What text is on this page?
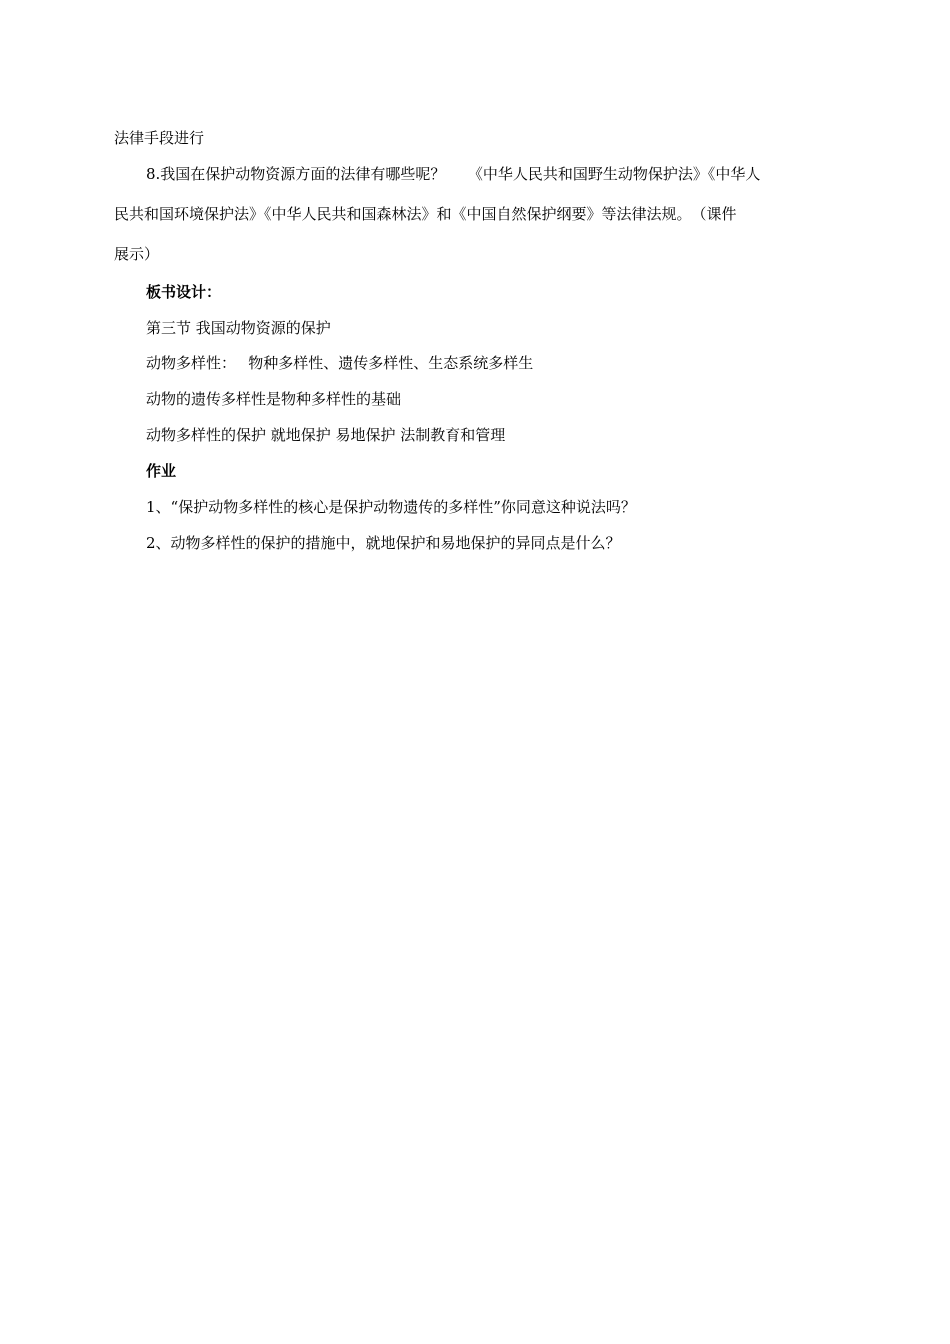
法律手段进行
8.我国在保护动物资源方面的法律有哪些呢？　　《中华人民共和国野生动物保护法》《中华人
民共和国环境保护法》《中华人民共和国森林法》和《中国自然保护纲要》等法律法规。　（课件
展示）
板书设计：
第三节 我国动物资源的保护
动物多样性：　 物种多样性、遗传多样性、生态系统多样生
动物的遗传多样性是物种多样性的基础
动物多样性的保护 就地保护 易地保护 法制教育和管理
作业
1、“保护动物多样性的核心是保护动物遗传的多样性”你同意这种说法吗？
2、动物多样性的保护的措施中，就地保护和易地保护的异同点是什么？
